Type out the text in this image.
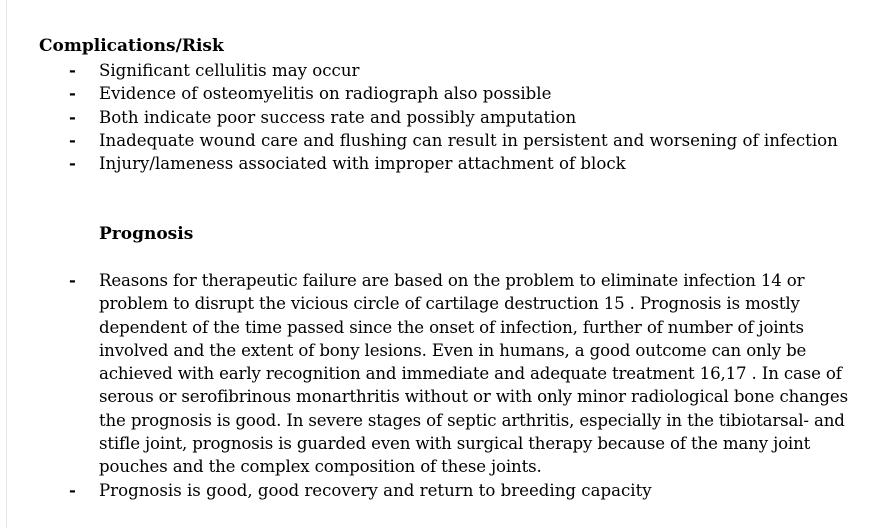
Complications/Risk
- Significant cellulitis may occur
- Evidence of osteomyelitis on radiograph also possible
- Both indicate poor success rate and possibly amputation
- Inadequate wound care and flushing can result in persistent and worsening of infection
- Injury/lameness associated with improper attachment of block
Prognosis
- Reasons for therapeutic failure are based on the problem to eliminate infection 14 or
problem to disrupt the vicious circle of cartilage destruction 15 . Prognosis is mostly
dependent of the time passed since the onset of infection, further of number of joints
involved and the extent of bony lesions. Even in humans, a good outcome can only be
achieved with early recognition and immediate and adequate treatment 16,17 . In case of
serous or serofibrinous monarthritis without or with only minor radiological bone changes
the prognosis is good. In severe stages of septic arthritis, especially in the tibiotarsal- and
stifle joint, prognosis is guarded even with surgical therapy because of the many joint
pouches and the complex composition of these joints.
- Prognosis is good, good recovery and return to breeding capacity
